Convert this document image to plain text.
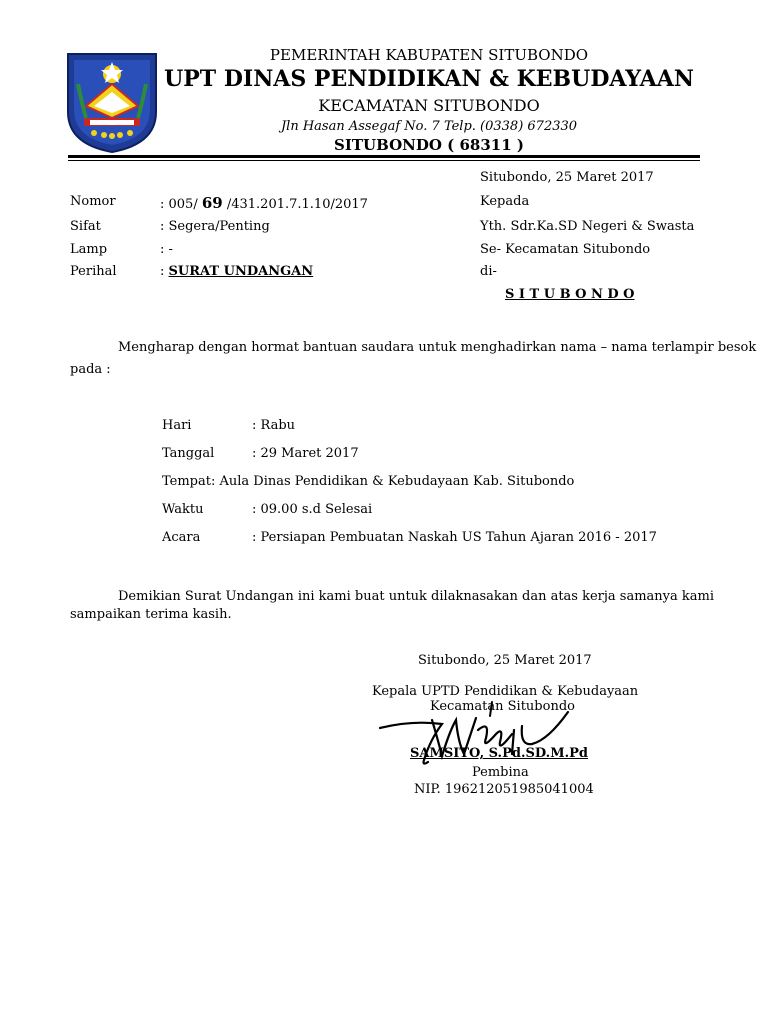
PEMERINTAH KABUPATEN SITUBONDO
UPT DINAS PENDIDIKAN & KEBUDAYAAN
KECAMATAN SITUBONDO
Jln Hasan Assegaf No. 7 Telp. (0338) 672330
SITUBONDO ( 68311 )
Situbondo, 25 Maret 2017
Nomor	: 005/ 69 /431.201.7.1.10/2017
Sifat	: Segera/Penting
Lamp	: -
Perihal	: SURAT UNDANGAN
Kepada
Yth. Sdr.Ka.SD Negeri & Swasta
Se- Kecamatan Situbondo
di-
S I T U B O N D O
Mengharap dengan hormat bantuan saudara untuk menghadirkan nama – nama terlampir besok
pada :
Hari	: Rabu
Tanggal	: 29 Maret 2017
Tempat: Aula Dinas Pendidikan & Kebudayaan Kab. Situbondo
Waktu	: 09.00 s.d Selesai
Acara	: Persiapan Pembuatan Naskah US Tahun Ajaran 2016 - 2017
Demikian Surat Undangan ini kami buat untuk dilaknasakan dan atas kerja samanya kami
sampaikan terima kasih.
Situbondo, 25 Maret 2017
Kepala UPTD Pendidikan & Kebudayaan
Kecamatan Situbondo
SAMSITO, S.Pd.SD.M.Pd
Pembina
NIP. 196212051985041004
